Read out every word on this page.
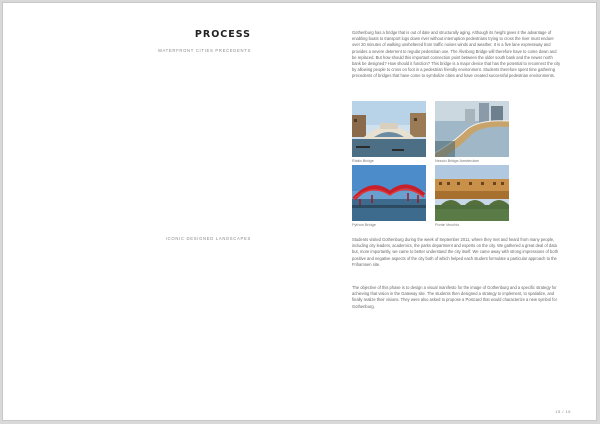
PROCESS
WATERFRONT CITIES PRECEDENTS
ICONIC DESIGNED LANDSCAPES

Gothenburg has a bridge that is out of date and structurally aging. Although its height gives it the advantage of enabling boats to transport logs down river without interruption pedestrians trying to cross the river must endure over 20 minutes of walking unsheltered from traffic noises winds and weather. It is a five lane expressway and provides a severe deterrent to regular pedestrian use. The Älvsborg Bridge will therefore have to come down and be replaced. But how should this important connection point between the older south bank and the newer north bank be designed? How should it function? This bridge is a major device that has the potential to reconnect the city by allowing people to cross on foot in a pedestrian friendly environment. Students therefore spent time gathering precedents of bridges that have come to symbolize cities and have created successful pedestrian environments.

Rialto Bridge	Nescio Bridge Amsterdam
Python Bridge	Ponte Vecchio

Students visited Gothenburg during the week of September 2011, where they met and heard from many people, including city leaders, academics, the parks department and experts on the city. We gathered a great deal of data but, more importantly, we came to better understand the city itself. We came away with strong impressions of both positive and negative aspects of the city both of which helped each student formulate a particular approach to the Frihamnen site.

The objective of this phase is to design a visual manifesto for the image of Gothenburg and a specific strategy for achieving that vision in the Gateway site. The students then designed a strategy to implement, to spatialize, and finally realize their visions. They were also asked to propose a Postcard that would characterize a new symbol for Gothenburg.

15 / 16
